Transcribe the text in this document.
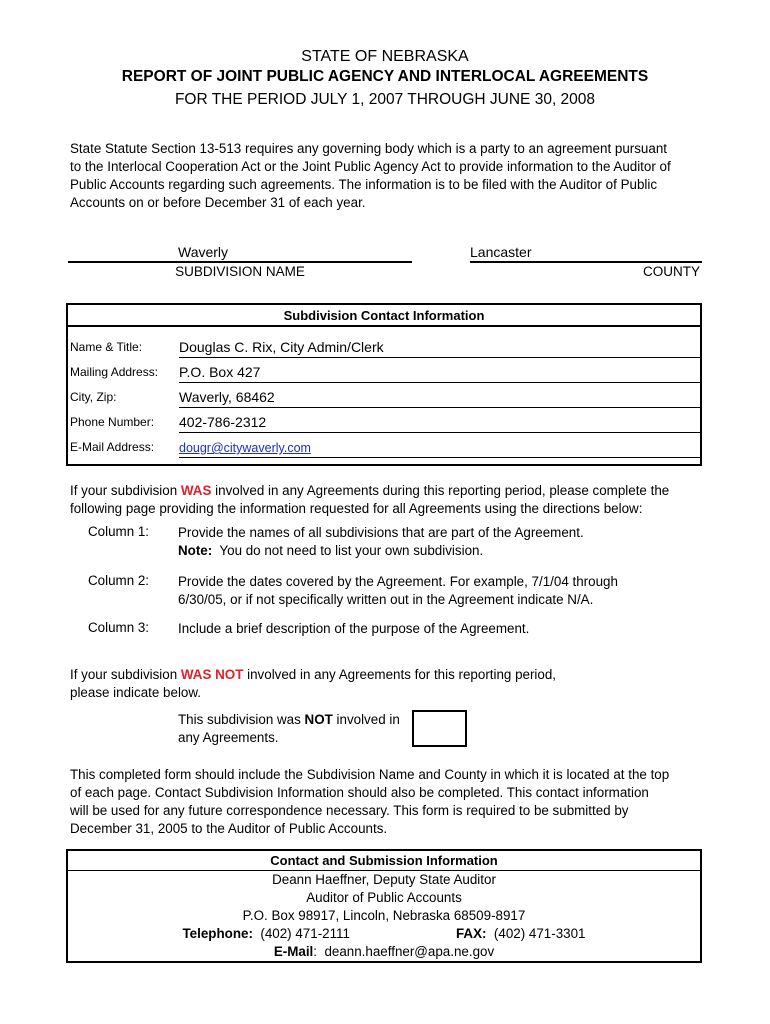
STATE OF NEBRASKA
REPORT OF JOINT PUBLIC AGENCY AND INTERLOCAL AGREEMENTS
FOR THE PERIOD JULY 1, 2007 THROUGH JUNE 30, 2008
State Statute Section 13-513 requires any governing body which is a party to an agreement pursuant
to the Interlocal Cooperation Act or the Joint Public Agency Act to provide information to the Auditor of
Public Accounts regarding such agreements. The information is to be filed with the Auditor of Public
Accounts on or before December 31 of each year.
Waverly	Lancaster
SUBDIVISION NAME	COUNTY
Subdivision Contact Information
Name & Title:	Douglas C. Rix, City Admin/Clerk
Mailing Address: P.O. Box 427
City, Zip:	Waverly, 68462
Phone Number: 402-786-2312
E-Mail Address: dougr@citywaverly.com
If your subdivision WAS involved in any Agreements during this reporting period, please complete the
following page providing the information requested for all Agreements using the directions below:
Column 1: Provide the names of all subdivisions that are part of the Agreement.
Note:  You do not need to list your own subdivision.
Column 2: Provide the dates covered by the Agreement. For example, 7/1/04 through
6/30/05, or if not specifically written out in the Agreement indicate N/A.
Column 3: Include a brief description of the purpose of the Agreement.
If your subdivision WAS NOT involved in any Agreements for this reporting period,
please indicate below.
This subdivision was NOT involved in
any Agreements.
This completed form should include the Subdivision Name and County in which it is located at the top
of each page. Contact Subdivision Information should also be completed. This contact information
will be used for any future correspondence necessary. This form is required to be submitted by
December 31, 2005 to the Auditor of Public Accounts.
Contact and Submission Information
Deann Haeffner, Deputy State Auditor
Auditor of Public Accounts
P.O. Box 98917, Lincoln, Nebraska 68509-8917
Telephone:  (402) 471-2111	FAX:  (402) 471-3301
E-Mail:  deann.haeffner@apa.ne.gov
